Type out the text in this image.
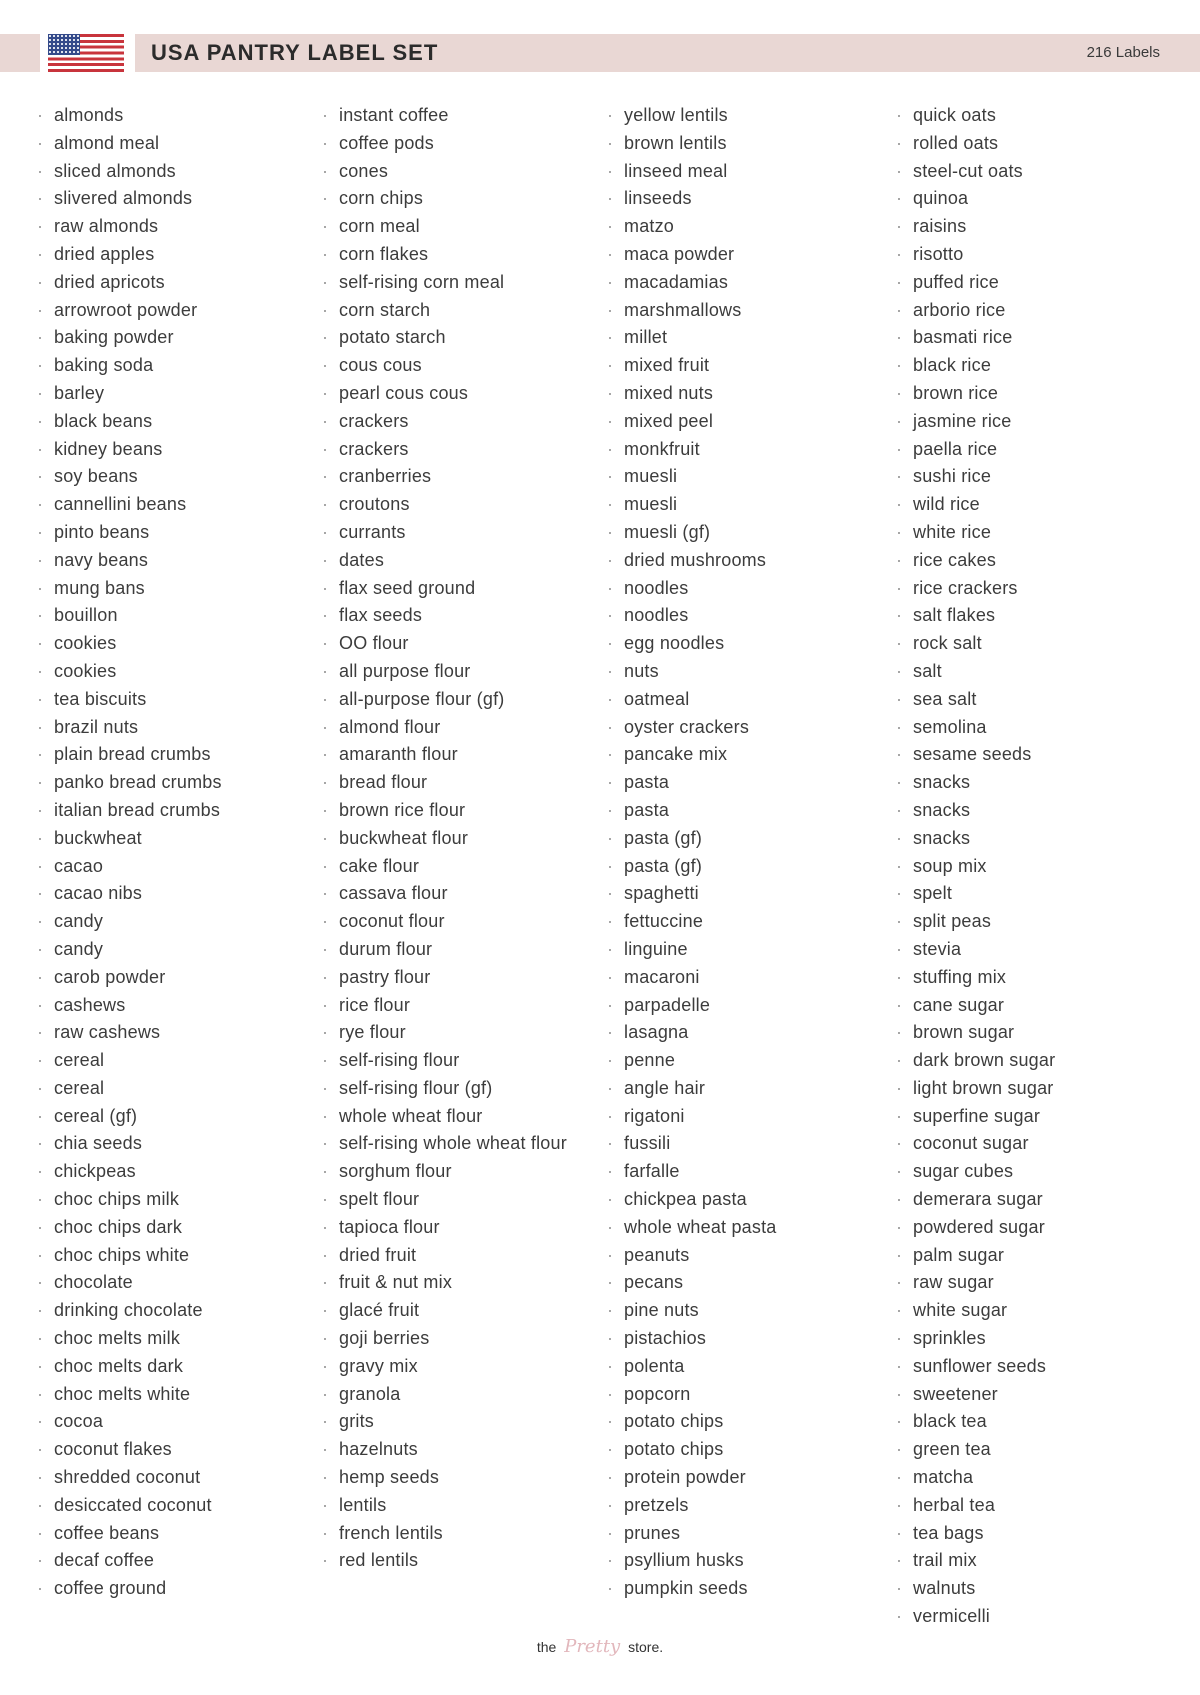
USA PANTRY LABEL SET	216 Labels
· almonds
· almond meal
· sliced almonds
· slivered almonds
· raw almonds
· dried apples
· dried apricots
· arrowroot powder
· baking powder
· baking soda
· barley
· black beans
· kidney beans
· soy beans
· cannellini beans
· pinto beans
· navy beans
· mung bans
· bouillon
· cookies
· cookies
· tea biscuits
· brazil nuts
· plain bread crumbs
· panko bread crumbs
· italian bread crumbs
· buckwheat
· cacao
· cacao nibs
· candy
· candy
· carob powder
· cashews
· raw cashews
· cereal
· cereal
· cereal (gf)
· chia seeds
· chickpeas
· choc chips milk
· choc chips dark
· choc chips white
· chocolate
· drinking chocolate
· choc melts milk
· choc melts dark
· choc melts white
· cocoa
· coconut flakes
· shredded coconut
· desiccated coconut
· coffee beans
· decaf coffee
· coffee ground
· instant coffee
· coffee pods
· cones
· corn chips
· corn meal
· corn flakes
· self-rising corn meal
· corn starch
· potato starch
· cous cous
· pearl cous cous
· crackers
· crackers
· cranberries
· croutons
· currants
· dates
· flax seed ground
· flax seeds
· OO flour
· all purpose flour
· all-purpose flour (gf)
· almond flour
· amaranth flour
· bread flour
· brown rice flour
· buckwheat flour
· cake flour
· cassava flour
· coconut flour
· durum flour
· pastry flour
· rice flour
· rye flour
· self-rising flour
· self-rising flour (gf)
· whole wheat flour
· self-rising whole wheat flour
· sorghum flour
· spelt flour
· tapioca flour
· dried fruit
· fruit & nut mix
· glacé fruit
· goji berries
· gravy mix
· granola
· grits
· hazelnuts
· hemp seeds
· lentils
· french lentils
· red lentils
· yellow lentils
· brown lentils
· linseed meal
· linseeds
· matzo
· maca powder
· macadamias
· marshmallows
· millet
· mixed fruit
· mixed nuts
· mixed peel
· monkfruit
· muesli
· muesli
· muesli (gf)
· dried mushrooms
· noodles
· noodles
· egg noodles
· nuts
· oatmeal
· oyster crackers
· pancake mix
· pasta
· pasta
· pasta (gf)
· pasta (gf)
· spaghetti
· fettuccine
· linguine
· macaroni
· parpadelle
· lasagna
· penne
· angle hair
· rigatoni
· fussili
· farfalle
· chickpea pasta
· whole wheat pasta
· peanuts
· pecans
· pine nuts
· pistachios
· polenta
· popcorn
· potato chips
· potato chips
· protein powder
· pretzels
· prunes
· psyllium husks
· pumpkin seeds
· quick oats
· rolled oats
· steel-cut oats
· quinoa
· raisins
· risotto
· puffed rice
· arborio rice
· basmati rice
· black rice
· brown rice
· jasmine rice
· paella rice
· sushi rice
· wild rice
· white rice
· rice cakes
· rice crackers
· salt flakes
· rock salt
· salt
· sea salt
· semolina
· sesame seeds
· snacks
· snacks
· snacks
· soup mix
· spelt
· split peas
· stevia
· stuffing mix
· cane sugar
· brown sugar
· dark brown sugar
· light brown sugar
· superfine sugar
· coconut sugar
· sugar cubes
· demerara sugar
· powdered sugar
· palm sugar
· raw sugar
· white sugar
· sprinkles
· sunflower seeds
· sweetener
· black tea
· green tea
· matcha
· herbal tea
· tea bags
· trail mix
· walnuts
· vermicelli
the Pretty store.
